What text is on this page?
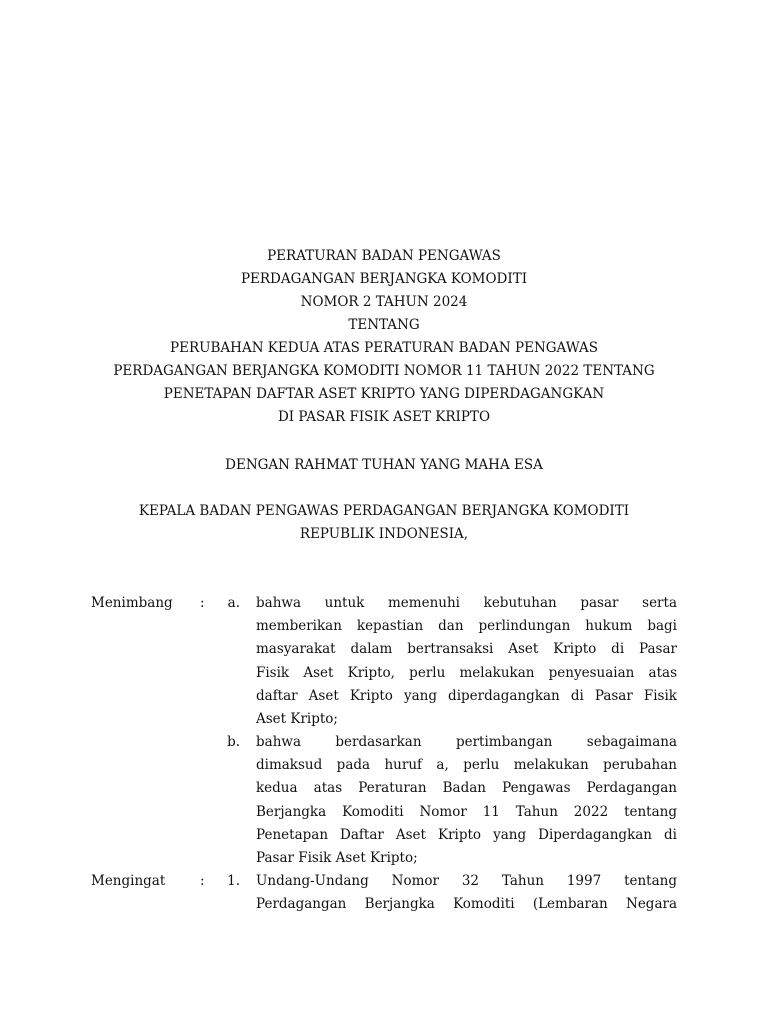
PERATURAN BADAN PENGAWAS
PERDAGANGAN BERJANGKA KOMODITI
NOMOR 2 TAHUN 2024
TENTANG
PERUBAHAN KEDUA ATAS PERATURAN BADAN PENGAWAS
PERDAGANGAN BERJANGKA KOMODITI NOMOR 11 TAHUN 2022 TENTANG
PENETAPAN DAFTAR ASET KRIPTO YANG DIPERDAGANGKAN
DI PASAR FISIK ASET KRIPTO
DENGAN RAHMAT TUHAN YANG MAHA ESA
KEPALA BADAN PENGAWAS PERDAGANGAN BERJANGKA KOMODITI
REPUBLIK INDONESIA,
Menimbang :	a. bahwa untuk memenuhi kebutuhan pasar serta
memberikan kepastian dan perlindungan hukum bagi
masyarakat dalam bertransaksi Aset Kripto di Pasar
Fisik Aset Kripto, perlu melakukan penyesuaian atas
daftar Aset Kripto yang diperdagangkan di Pasar Fisik
Aset Kripto;
b. bahwa berdasarkan pertimbangan sebagaimana
dimaksud pada huruf a, perlu melakukan perubahan
kedua atas Peraturan Badan Pengawas Perdagangan
Berjangka Komoditi Nomor 11 Tahun 2022 tentang
Penetapan Daftar Aset Kripto yang Diperdagangkan di
Pasar Fisik Aset Kripto;
Mengingat	:	1. Undang-Undang Nomor 32 Tahun 1997 tentang
Perdagangan Berjangka Komoditi (Lembaran Negara
